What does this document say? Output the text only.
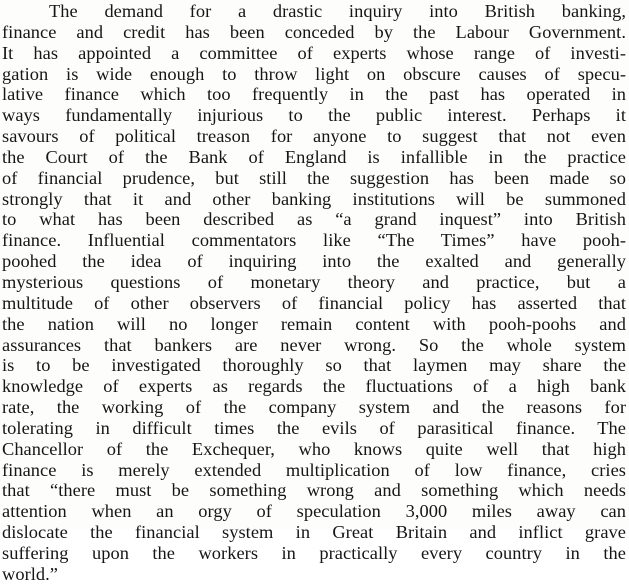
The demand for a drastic inquiry into British banking,
finance and credit has been conceded by the Labour Government.
It has appointed a committee of experts whose range of investi-
gation is wide enough to throw light on obscure causes of specu-
lative finance which too frequently in the past has operated in
ways fundamentally injurious to the public interest. Perhaps it
savours of political treason for anyone to suggest that not even
the Court of the Bank of England is infallible in the practice
of financial prudence, but still the suggestion has been made so
strongly that it and other banking institutions will be summoned
to what has been described as “a grand inquest” into British
finance. Influential commentators like “The Times” have pooh-
poohed the idea of inquiring into the exalted and generally
mysterious questions of monetary theory and practice, but a
multitude of other observers of financial policy has asserted that
the nation will no longer remain content with pooh-poohs and
assurances that bankers are never wrong. So the whole system
is to be investigated thoroughly so that laymen may share the
knowledge of experts as regards the fluctuations of a high bank
rate, the working of the company system and the reasons for
tolerating in difficult times the evils of parasitical finance. The
Chancellor of the Exchequer, who knows quite well that high
finance is merely extended multiplication of low finance, cries
that “there must be something wrong and something which needs
attention when an orgy of speculation 3,000 miles away can
dislocate the financial system in Great Britain and inflict grave
suffering upon the workers in practically every country in the
world.”
